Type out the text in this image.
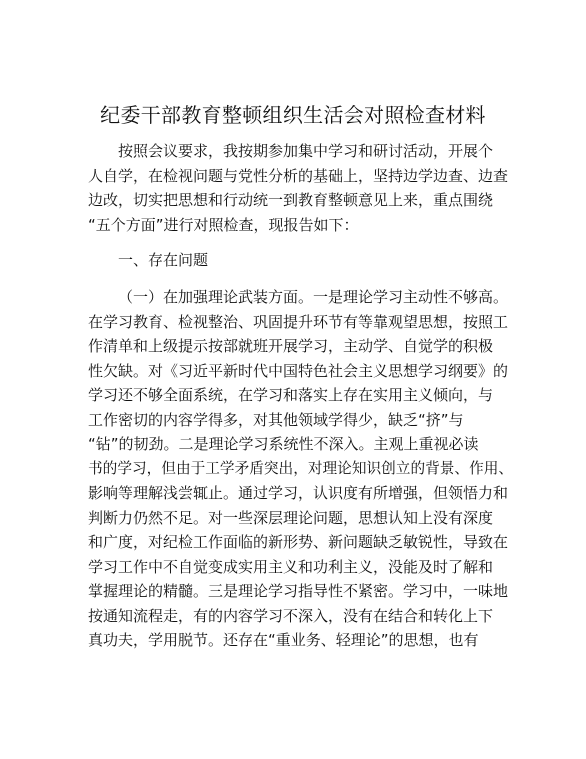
纪委干部教育整顿组织生活会对照检查材料
按照会议要求，我按期参加集中学习和研讨活动，开展个
人自学，在检视问题与党性分析的基础上，坚持边学边查、边查
边改，切实把思想和行动统一到教育整顿意见上来，重点围绕
“五个方面”进行对照检查，现报告如下：
一、存在问题
（一）在加强理论武装方面。一是理论学习主动性不够高。
在学习教育、检视整治、巩固提升环节有等靠观望思想，按照工
作清单和上级提示按部就班开展学习，主动学、自觉学的积极
性欠缺。对《习近平新时代中国特色社会主义思想学习纲要》的
学习还不够全面系统，在学习和落实上存在实用主义倾向，与
工作密切的内容学得多，对其他领域学得少，缺乏“挤”与
“钻”的韧劲。二是理论学习系统性不深入。主观上重视必读
书的学习，但由于工学矛盾突出，对理论知识创立的背景、作用、
影响等理解浅尝辄止。通过学习，认识度有所增强，但领悟力和
判断力仍然不足。对一些深层理论问题，思想认知上没有深度
和广度，对纪检工作面临的新形势、新问题缺乏敏锐性，导致在
学习工作中不自觉变成实用主义和功利主义，没能及时了解和
掌握理论的精髓。三是理论学习指导性不紧密。学习中，一味地
按通知流程走，有的内容学习不深入，没有在结合和转化上下
真功夫，学用脱节。还存在“重业务、轻理论”的思想，也有
